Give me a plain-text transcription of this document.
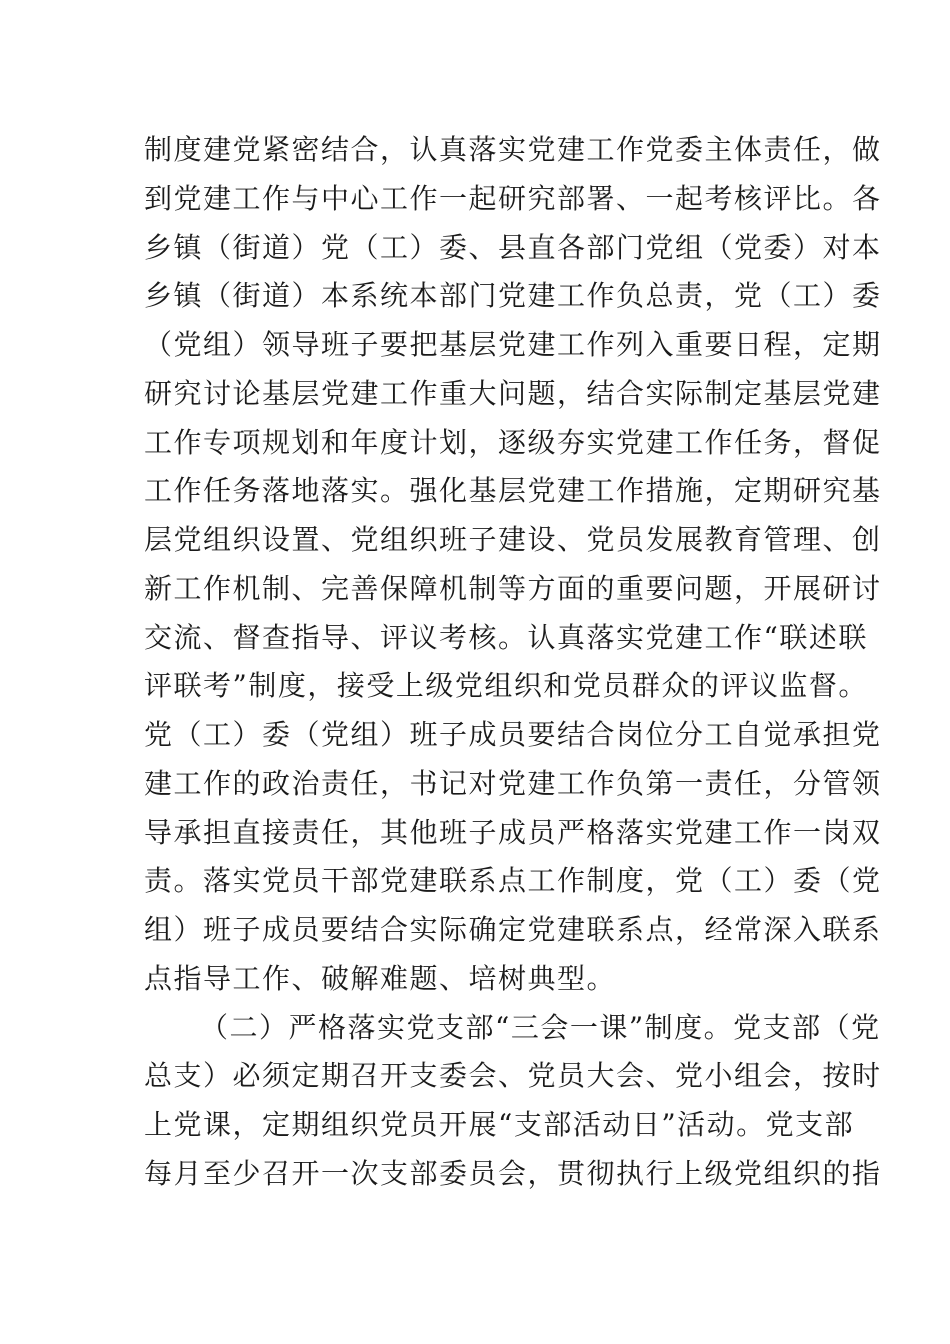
制度建党紧密结合，认真落实党建工作党委主体责任，做
到党建工作与中心工作一起研究部署、一起考核评比。各
乡镇（街道）党（工）委、县直各部门党组（党委）对本
乡镇（街道）本系统本部门党建工作负总责，党（工）委
（党组）领导班子要把基层党建工作列入重要日程，定期
研究讨论基层党建工作重大问题，结合实际制定基层党建
工作专项规划和年度计划，逐级夯实党建工作任务，督促
工作任务落地落实。强化基层党建工作措施，定期研究基
层党组织设置、党组织班子建设、党员发展教育管理、创
新工作机制、完善保障机制等方面的重要问题，开展研讨
交流、督查指导、评议考核。认真落实党建工作“联述联
评联考”制度，接受上级党组织和党员群众的评议监督。
党（工）委（党组）班子成员要结合岗位分工自觉承担党
建工作的政治责任，书记对党建工作负第一责任，分管领
导承担直接责任，其他班子成员严格落实党建工作一岗双
责。落实党员干部党建联系点工作制度，党（工）委（党
组）班子成员要结合实际确定党建联系点，经常深入联系
点指导工作、破解难题、培树典型。
（二）严格落实党支部“三会一课”制度。党支部（党
总支）必须定期召开支委会、党员大会、党小组会，按时
上党课，定期组织党员开展“支部活动日”活动。党支部
每月至少召开一次支部委员会，贯彻执行上级党组织的指
